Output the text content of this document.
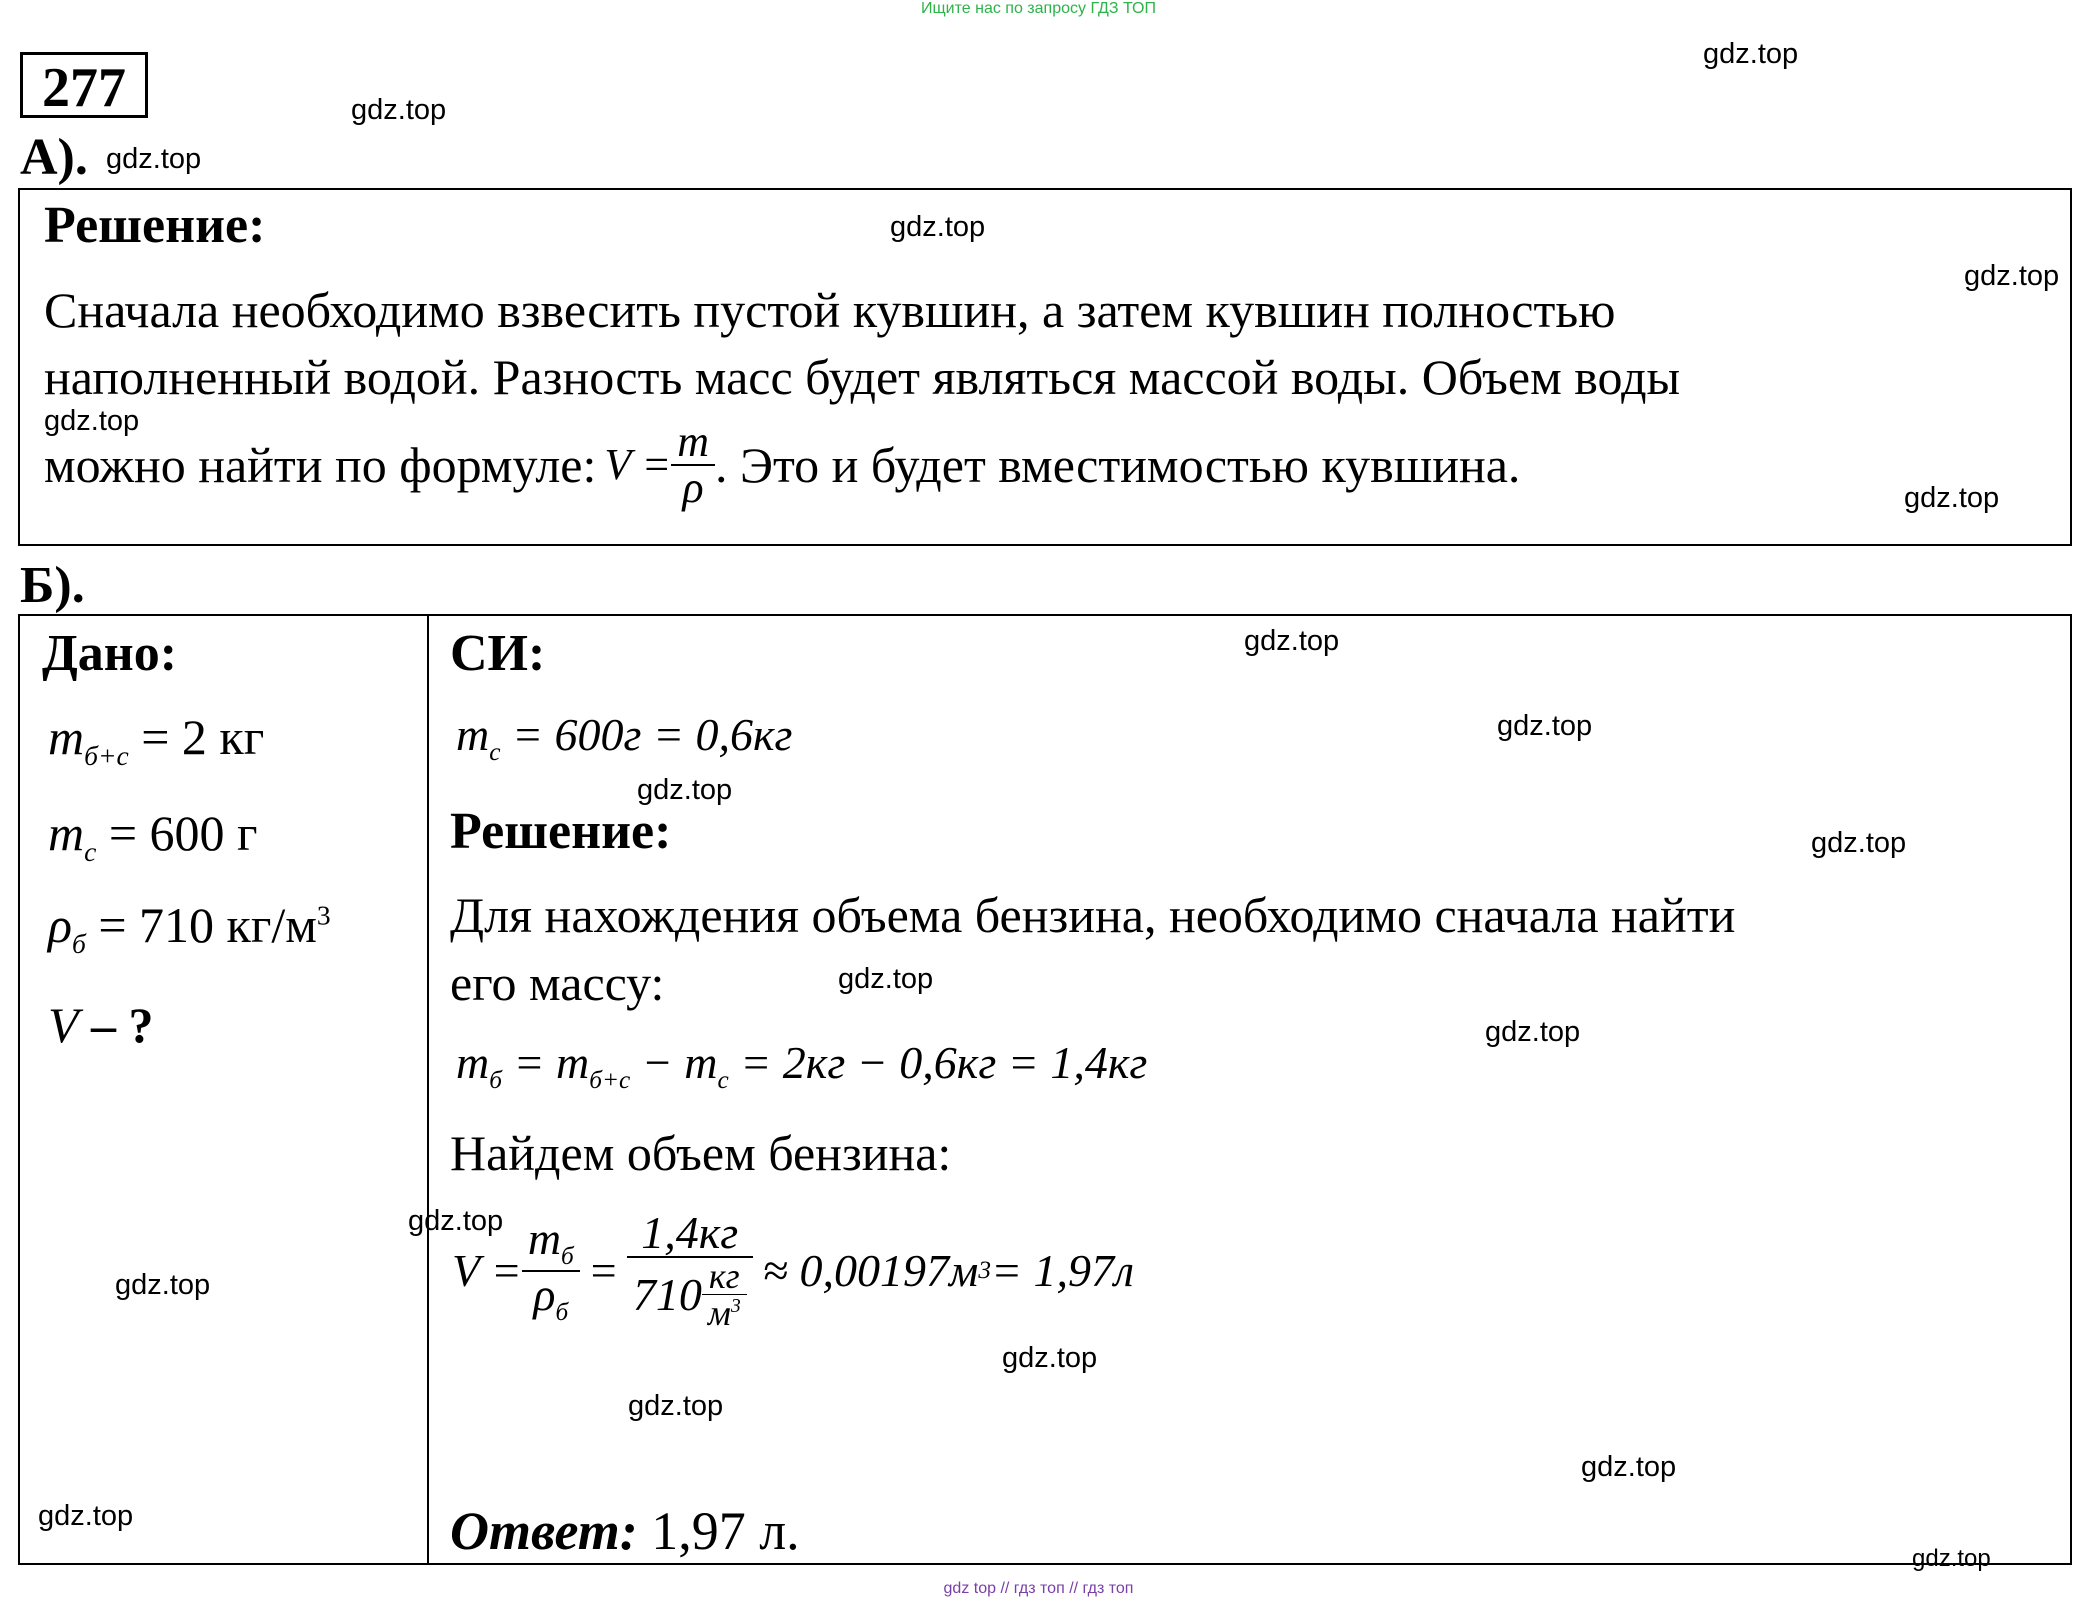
Ищите нас по запросу ГДЗ ТОП
277
А).
Решение:
Сначала необходимо взвесить пустой кувшин, а затем кувшин полностью
наполненный водой. Разность масс будет являться массой воды. Объем воды
можно найти по формуле: $V = \frac{m}{\rho}$ . Это и будет вместимостью кувшина.
Б).
Дано:
$m_{б+с} = 2$ кг
$m_с = 600$ г
$\rho_б = 710$ $кг/м^3$
V – ?
СИ:
$m_с = 600г = 0,6кг$
Решение:
Для нахождения объема бензина, необходимо сначала найти
его массу:
$m_б = m_{б+с} - m_с = 2кг - 0,6кг = 1,4кг$
Найдем объем бензина:
$V = \frac{m_б}{\rho_б} = \frac{1,4кг}{710 \frac{кг}{м^3}} \approx 0,00197м$ 3 = 1,97л
Ответ: 1,97 л.
gdz.top
gdz.top
gdz.top
gdz.top
gdz.top
gdz.top
gdz.top
gdz.top
gdz.top
gdz.top
gdz.top
gdz.top
gdz.top
gdz.top
gdz.top
gdz.top
gdz.top
gdz.top
gdz.top
gdz.top
gdz top // гдз топ // гдз топ
